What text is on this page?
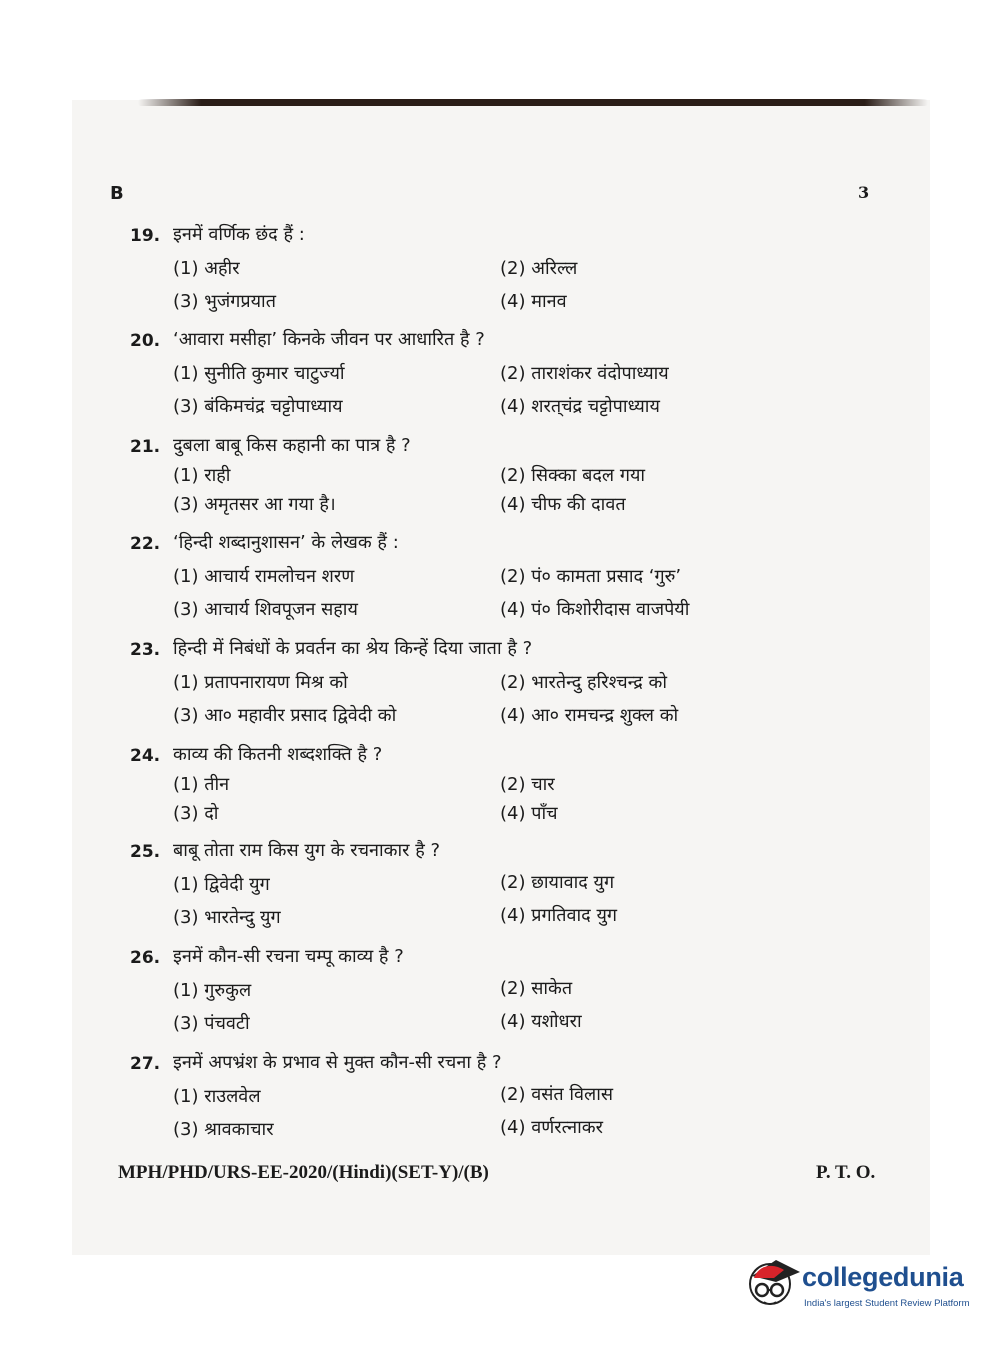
B	3
19. इनमें वर्णिक छंद हैं :
(1) अहीर	(2) अरिल्ल
(3) भुजंगप्रयात	(4) मानव
20. ‘आवारा मसीहा’ किनके जीवन पर आधारित है ?
(1) सुनीति कुमार चाटुर्ज्या	(2) ताराशंकर वंदोपाध्याय
(3) बंकिमचंद्र चट्टोपाध्याय	(4) शरत्‌चंद्र चट्टोपाध्याय
21. दुबला बाबू किस कहानी का पात्र है ?
(1) राही	(2) सिक्का बदल गया
(3) अमृतसर आ गया है।	(4) चीफ की दावत
22. ‘हिन्दी शब्दानुशासन’ के लेखक हैं :
(1) आचार्य रामलोचन शरण	(2) पं० कामता प्रसाद ‘गुरु’
(3) आचार्य शिवपूजन सहाय	(4) पं० किशोरीदास वाजपेयी
23. हिन्दी में निबंधों के प्रवर्तन का श्रेय किन्हें दिया जाता है ?
(1) प्रतापनारायण मिश्र को	(2) भारतेन्दु हरिश्चन्द्र को
(3) आ० महावीर प्रसाद द्विवेदी को	(4) आ० रामचन्द्र शुक्ल को
24. काव्य की कितनी शब्दशक्ति है ?
(1) तीन	(2) चार
(3) दो	(4) पाँच
25. बाबू तोता राम किस युग के रचनाकार है ?
(1) द्विवेदी युग	(2) छायावाद युग
(3) भारतेन्दु युग	(4) प्रगतिवाद युग
26. इनमें कौन-सी रचना चम्पू काव्य है ?
(1) गुरुकुल	(2) साकेत
(3) पंचवटी	(4) यशोधरा
27. इनमें अपभ्रंश के प्रभाव से मुक्त कौन-सी रचना है ?
(1) राउलवेल	(2) वसंत विलास
(3) श्रावकाचार	(4) वर्णरत्नाकर
MPH/PHD/URS-EE-2020/(Hindi)(SET-Y)/(B)	P. T. O.
collegedunia
India's largest Student Review Platform
